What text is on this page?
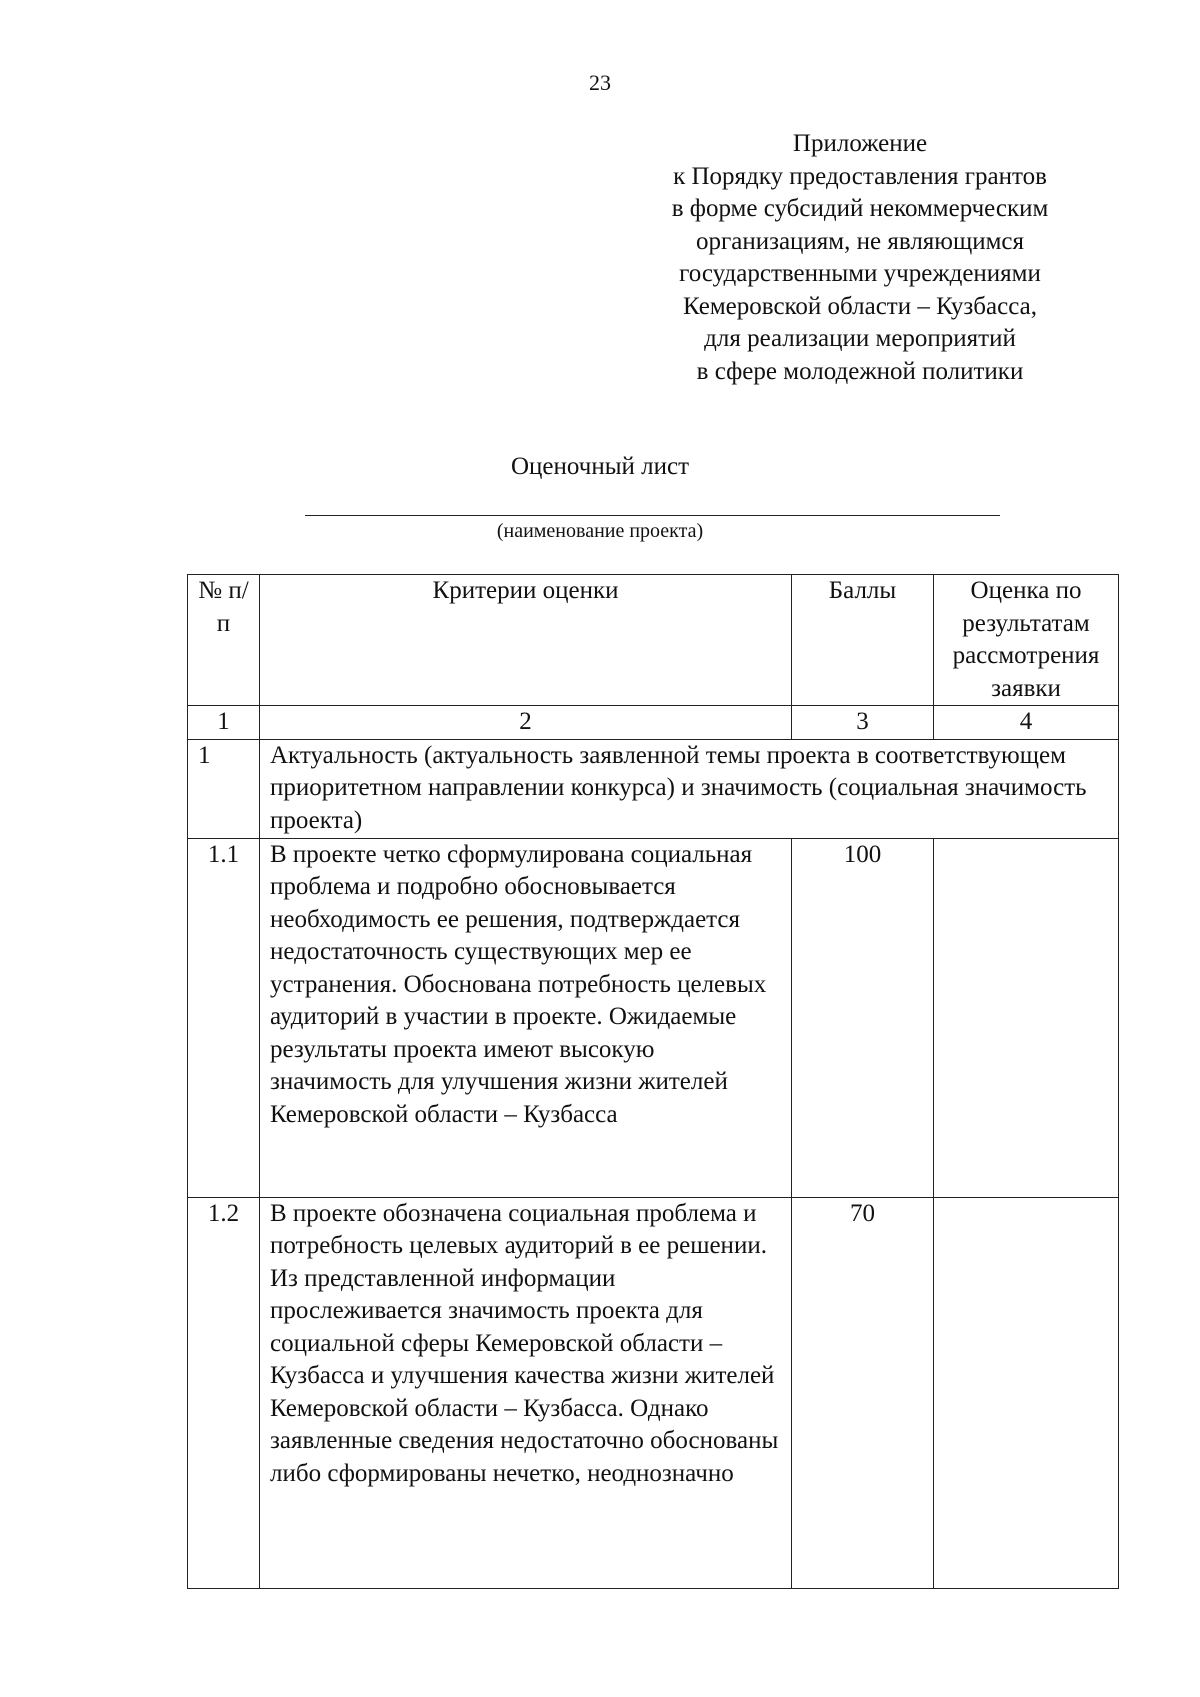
23
Приложение
к Порядку предоставления грантов
в форме субсидий некоммерческим
организациям, не являющимся
государственными учреждениями
Кемеровской области – Кузбасса,
для реализации мероприятий
в сфере молодежной политики
Оценочный лист
(наименование проекта)
№ п/п	Критерии оценки	Баллы	Оценка по результатам рассмотрения заявки
1	2	3	4
1	Актуальность (актуальность заявленной темы проекта в соответствующем приоритетном направлении конкурса) и значимость (социальная значимость проекта)		
1.1	В проекте четко сформулирована социальная проблема и подробно обосновывается необходимость ее решения, подтверждается недостаточность существующих мер ее устранения. Обоснована потребность целевых аудиторий в участии в проекте. Ожидаемые результаты проекта имеют высокую значимость для улучшения жизни жителей Кемеровской области – Кузбасса	100	
1.2	В проекте обозначена социальная проблема и потребность целевых аудиторий в ее решении. Из представленной информации прослеживается значимость проекта для социальной сферы Кемеровской области – Кузбасса и улучшения качества жизни жителей Кемеровской области – Кузбасса. Однако заявленные сведения недостаточно обоснованы либо сформированы нечетко, неоднозначно	70	
